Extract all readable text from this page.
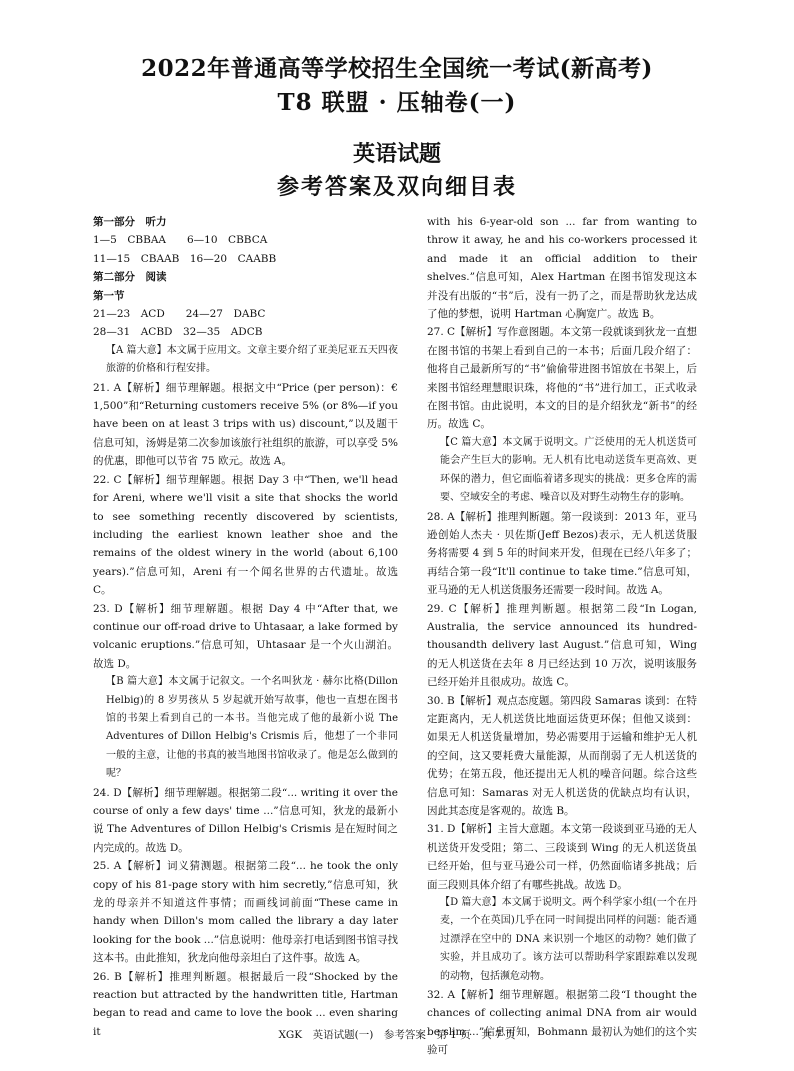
2022年普通高等学校招生全国统一考试(新高考)
T8 联盟 · 压轴卷(一)
英语试题
参考答案及双向细目表

第一部分　听力

1—5　CBBAA　　6—10　CBBCA

11—15　CBAAB　16—20　CAABB

第二部分　阅读

第一节

21—23　ACD　　24—27　DABC

28—31　ACBD　32—35　ADCB

【A 篇大意】本文属于应用文。文章主要介绍了亚美尼亚五天四夜旅游的价格和行程安排。

21. A【解析】细节理解题。根据文中“Price (per person)：€ 1,500”和“Returning customers receive 5% (or 8%—if you have been on at least 3 trips with us) discount,”以及题干信息可知，汤姆是第二次参加该旅行社组织的旅游，可以享受 5% 的优惠，即他可以节省 75 欧元。故选 A。

22. C【解析】细节理解题。根据 Day 3 中“Then, we'll head for Areni, where we'll visit a site that shocks the world to see something recently discovered by scientists, including the earliest known leather shoe and the remains of the oldest winery in the world (about 6,100 years).”信息可知，Areni 有一个闻名世界的古代遗址。故选 C。

23. D【解析】细节理解题。根据 Day 4 中“After that, we continue our off-road drive to Uhtasaar, a lake formed by volcanic eruptions.”信息可知，Uhtasaar 是一个火山湖泊。故选 D。

【B 篇大意】本文属于记叙文。一个名叫狄龙 · 赫尔比格(Dillon Helbig)的 8 岁男孩从 5 岁起就开始写故事，他也一直想在图书馆的书架上看到自己的一本书。当他完成了他的最新小说 The Adventures of Dillon Helbig's Crismis 后，他想了一个非同一般的主意，让他的书真的被当地图书馆收录了。他是怎么做到的呢？

24. D【解析】细节理解题。根据第二段“... writing it over the course of only a few days' time ...”信息可知，狄龙的最新小说 The Adventures of Dillon Helbig's Crismis 是在短时间之内完成的。故选 D。

25. A【解析】词义猜测题。根据第二段“... he took the only copy of his 81-page story with him secretly,”信息可知，狄龙的母亲并不知道这件事情；而画线词前面“These came in handy when Dillon's mom called the library a day later looking for the book ...”信息说明：他母亲打电话到图书馆寻找这本书。由此推知，狄龙向他母亲坦白了这件事。故选 A。

26. B【解析】推理判断题。根据最后一段“Shocked by the reaction but attracted by the handwritten title, Hartman began to read and came to love the book ... even sharing it

with his 6-year-old son ... far from wanting to throw it away, he and his co-workers processed it and made it an official addition to their shelves.”信息可知，Alex Hartman 在图书馆发现这本并没有出版的“书”后，没有一扔了之，而是帮助狄龙达成了他的梦想，说明 Hartman 心胸宽广。故选 B。

27. C【解析】写作意图题。本文第一段就谈到狄龙一直想在图书馆的书架上看到自己的一本书；后面几段介绍了：他将自己最新所写的“书”偷偷带进图书馆放在书架上，后来图书馆经理慧眼识珠，将他的“书”进行加工，正式收录在图书馆。由此说明，本文的目的是介绍狄龙“新书”的经历。故选 C。

【C 篇大意】本文属于说明文。广泛使用的无人机送货可能会产生巨大的影响。无人机有比电动送货车更高效、更环保的潜力，但它面临着诸多现实的挑战：更多仓库的需要、空域安全的考虑、噪音以及对野生动物生存的影响。

28. A【解析】推理判断题。第一段谈到：2013 年，亚马逊创始人杰夫 · 贝佐斯(Jeff Bezos)表示，无人机送货服务将需要 4 到 5 年的时间来开发，但现在已经八年多了；再结合第一段“It'll continue to take time.”信息可知，亚马逊的无人机送货服务还需要一段时间。故选 A。

29. C【解析】推理判断题。根据第二段“In Logan, Australia, the service announced its hundred-thousandth delivery last August.”信息可知，Wing 的无人机送货在去年 8 月已经达到 10 万次，说明该服务已经开始并且很成功。故选 C。

30. B【解析】观点态度题。第四段 Samaras 谈到：在特定距离内，无人机送货比地面运货更环保；但他又谈到：如果无人机送货量增加，势必需要用于运输和维护无人机的空间，这又要耗费大量能源，从而削弱了无人机送货的优势；在第五段，他还提出无人机的噪音问题。综合这些信息可知：Samaras 对无人机送货的优缺点均有认识，因此其态度是客观的。故选 B。

31. D【解析】主旨大意题。本文第一段谈到亚马逊的无人机送货开发受阻；第二、三段谈到 Wing 的无人机送货虽已经开始，但与亚马逊公司一样，仍然面临诸多挑战；后面三段则具体介绍了有哪些挑战。故选 D。

【D 篇大意】本文属于说明文。两个科学家小组(一个在丹麦，一个在英国)几乎在同一时间提出同样的问题：能否通过漂浮在空中的 DNA 来识别一个地区的动物？她们做了实验，并且成功了。该方法可以帮助科学家跟踪难以发现的动物，包括濒危动物。

32. A【解析】细节理解题。根据第二段“I thought the chances of collecting animal DNA from air would be slim ...”信息可知，Bohmann 最初认为她们的这个实验可

XGK　英语试题(一)　参考答案　第 1 页　共 7 页
